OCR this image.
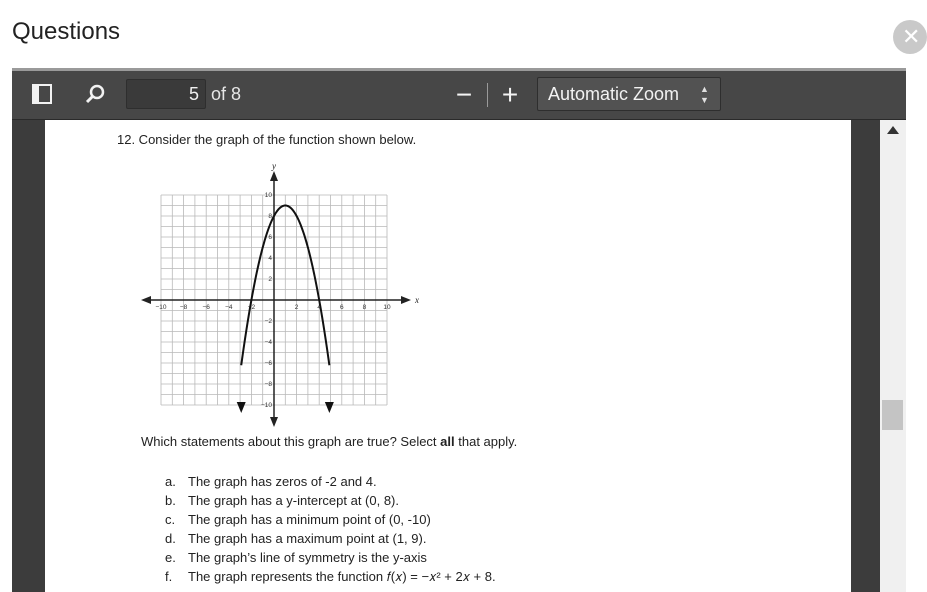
Questions	✕
5 of 8	− + Automatic Zoom ▲
▼
12. Consider the graph of the function shown below.
x
y
−10 −8 −6 −4 −2	2	4	6	8	10
10
8
6
4
2
−2
−4
−6
−8
−10
Which statements about this graph are true? Select all that apply.
a. The graph has zeros of -2 and 4.
b. The graph has a y-intercept at (0, 8).
c. The graph has a minimum point of (0, -10)
d. The graph has a maximum point at (1, 9).
e. The graph’s line of symmetry is the y-axis
f. The graph represents the function 𝑓(𝑥) = −𝑥² + 2𝑥 + 8.
